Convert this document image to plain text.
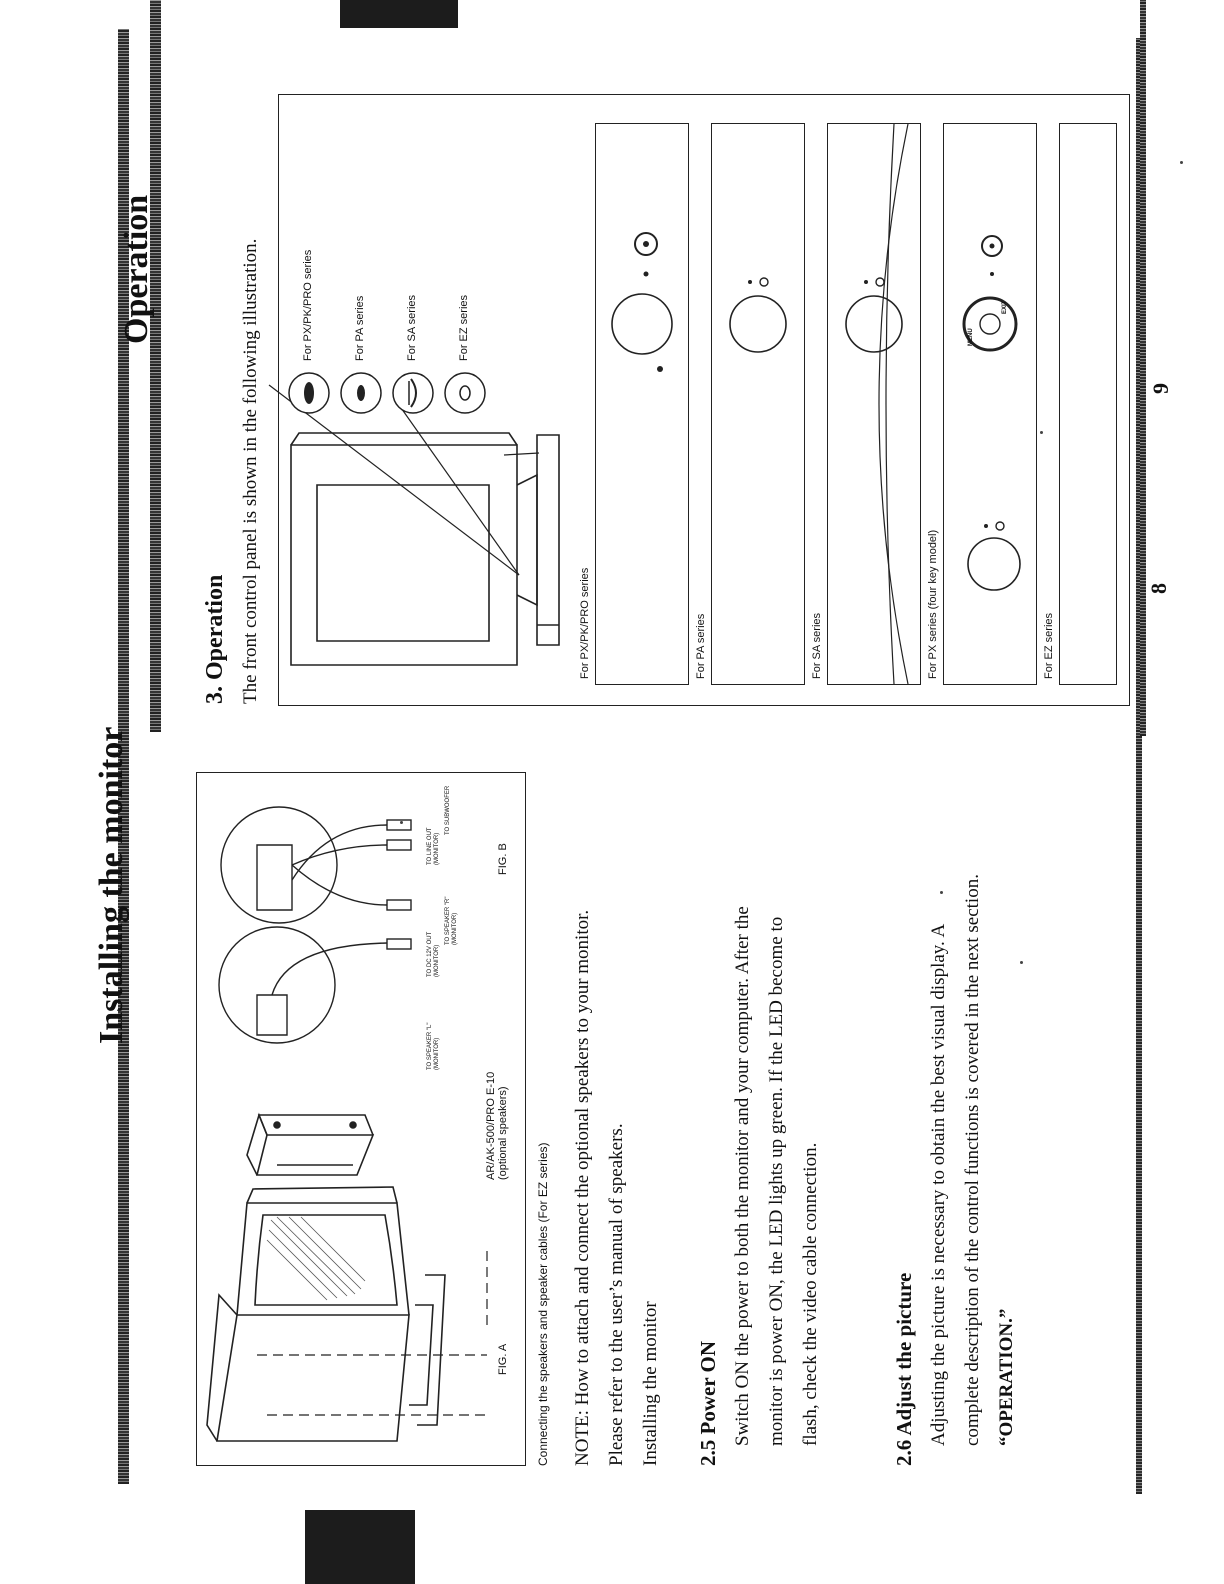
Installing the monitor
FIG. A
AR/AK-500/PRO E-10 (optional speakers)
FIG. B
TO SPEAKER "L" (MONITOR)
TO DC 12V OUT (MONITOR)
TO SPEAKER "R" (MONITOR)
TO LINE OUT (MONITOR)
TO SUBWOOFER
Connecting the speakers and speaker cables (For EZ series)	NOTE: How to attach and connect the optional speakers to your monitor. Please refer to the user’s manual of speakers. Installing the monitor	2.5 Power ON Switch ON the power to both the monitor and your computer. After the monitor is power ON, the LED lights up green. If the LED become to flash, check the video cable connection.	2.6 Adjust the picture Adjusting the picture is necessary to obtain the best visual display. A complete description of the control functions is covered in the next section. “OPERATION.”
8
Operation
3. Operation The front control panel is shown in the following illustration.	For PX/PK/PRO series	For PA series	For SA series	For EZ series
For PX/PK/PRO series	For PA series	For SA series	For PX series (four key model)
MENU
EXIT
For EZ series
9
